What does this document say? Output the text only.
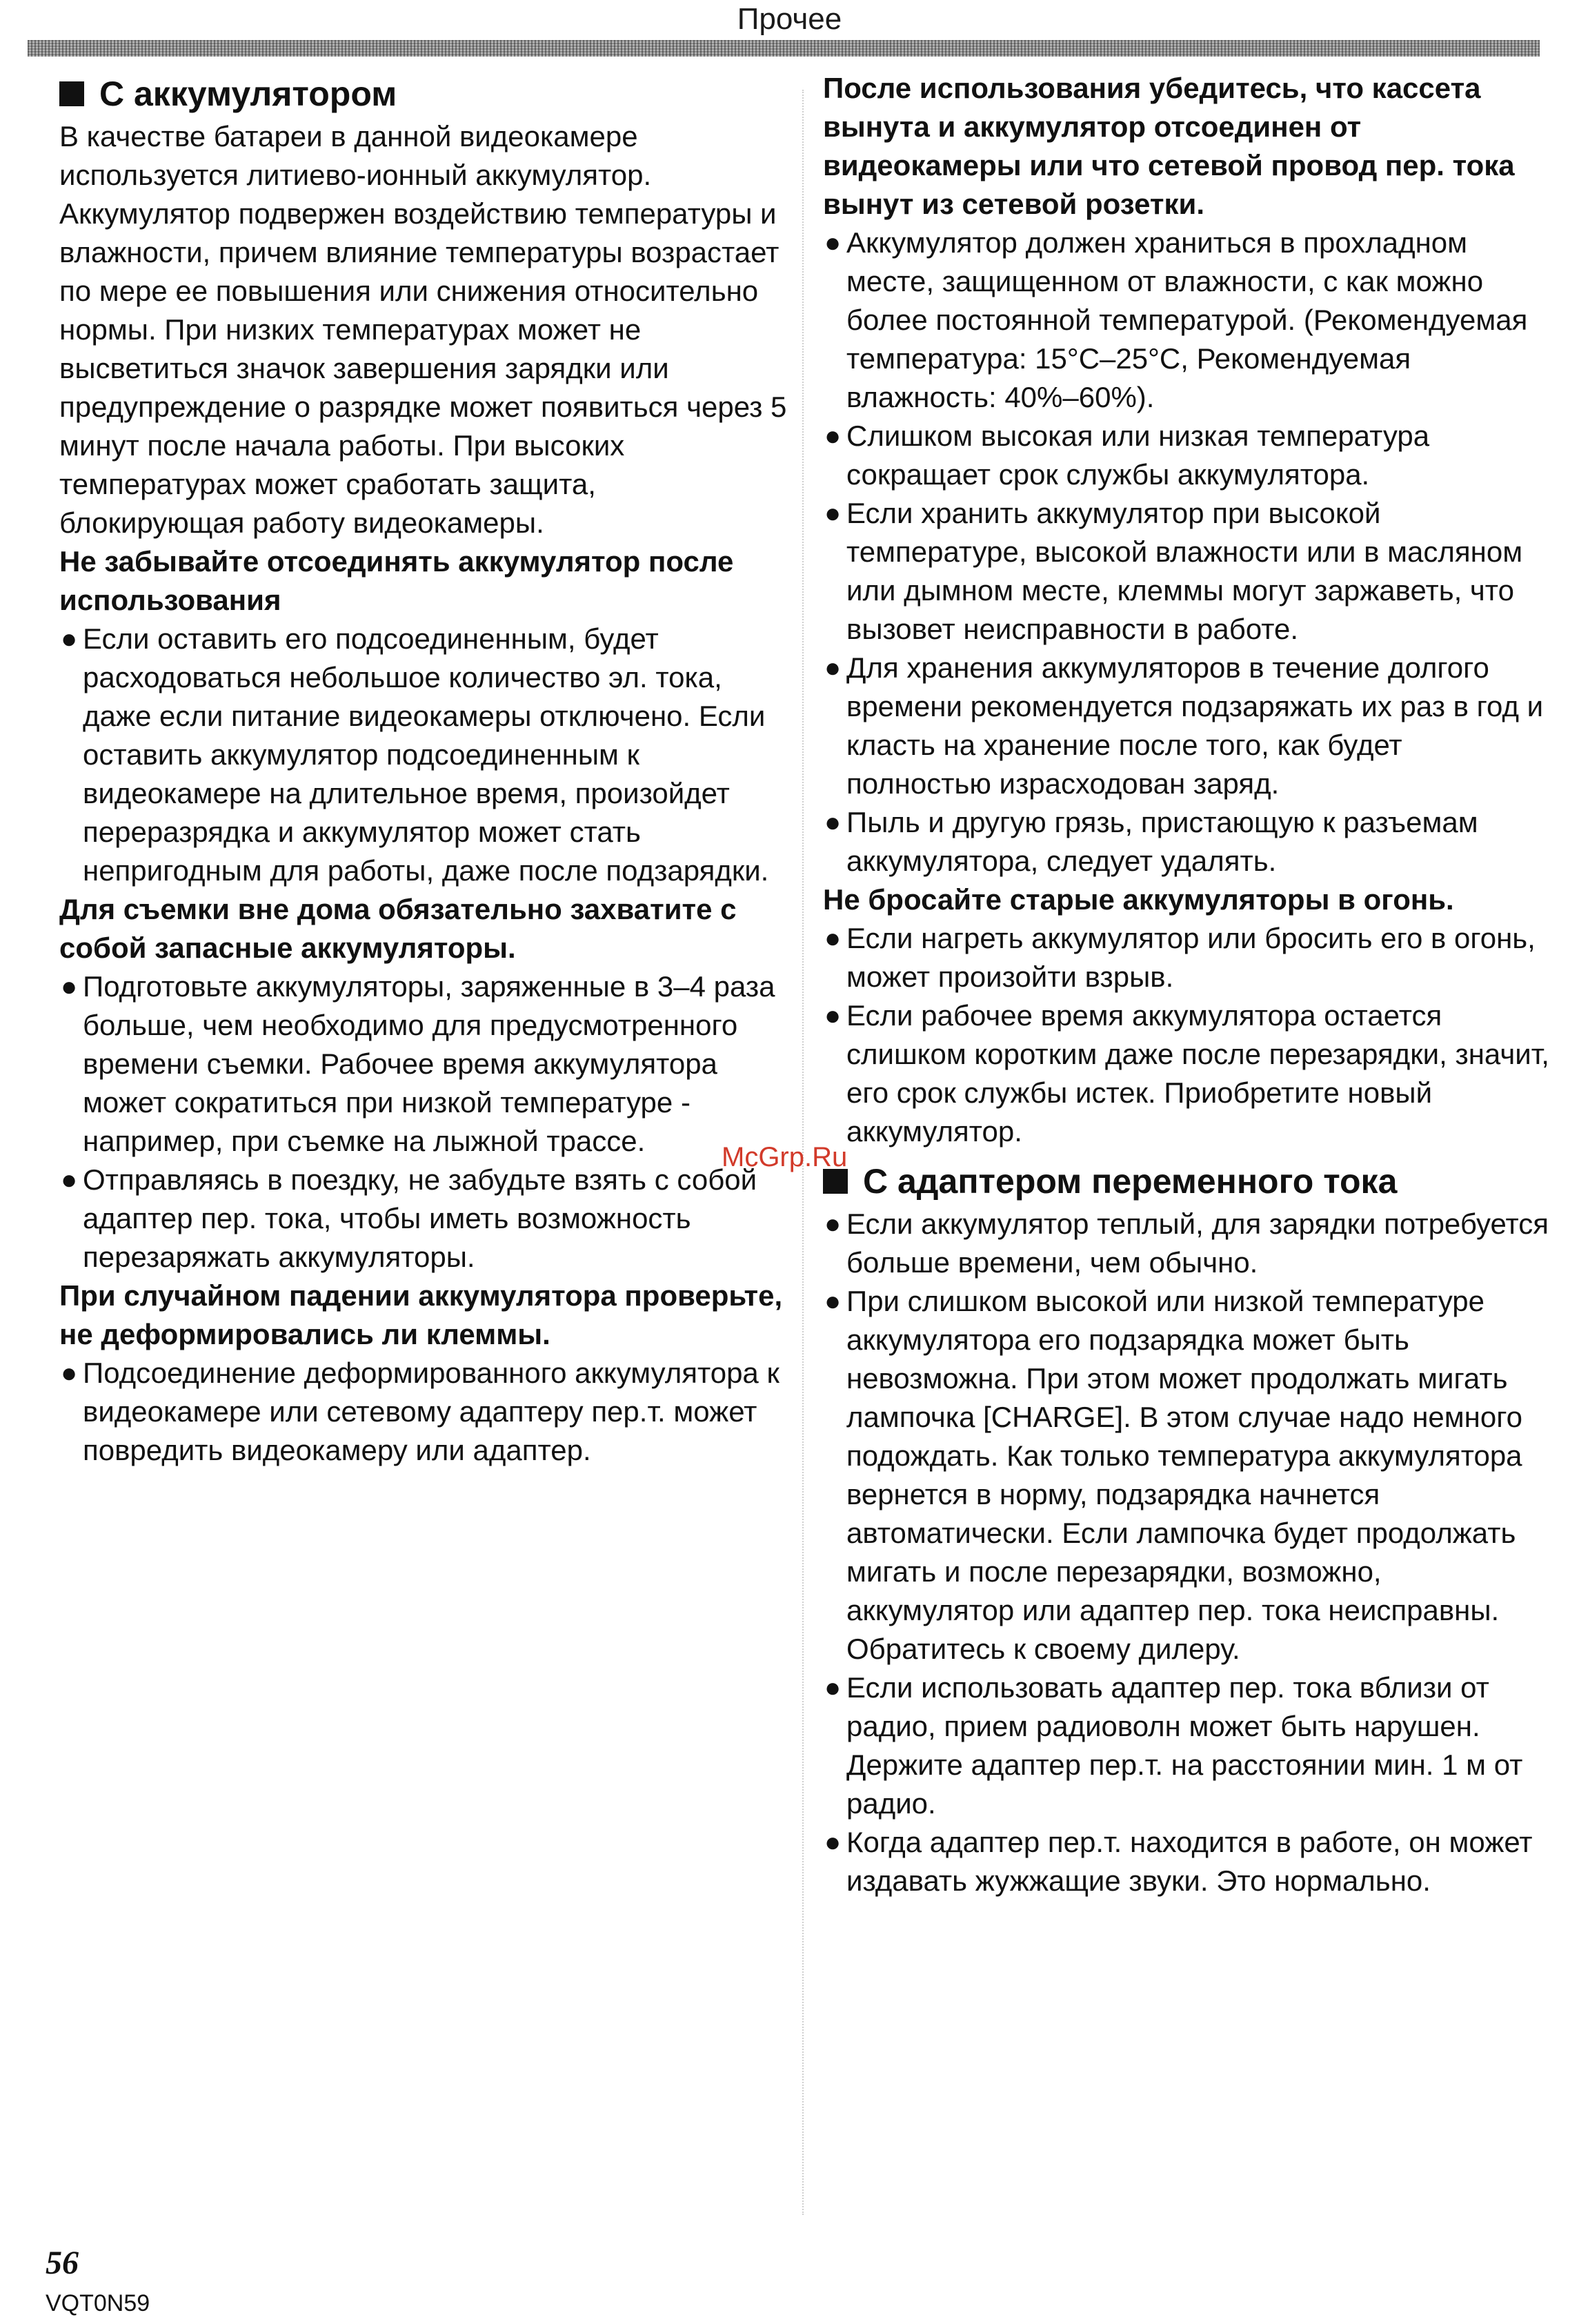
Прочее
С аккумулятором

В качестве батареи в данной видеокамере используется литиево-ионный аккумулятор. Аккумулятор подвержен воздействию температуры и влажности, причем влияние температуры возрастает по мере ее повышения или снижения относительно нормы. При низких температурах может не высветиться значок завершения зарядки или предупреждение о разрядке может появиться через 5 минут после начала работы. При высоких температурах может сработать защита, блокирующая работу видеокамеры.

Не забывайте отсоединять аккумулятор после использования

● Если оставить его подсоединенным, будет расходоваться небольшое количество эл. тока, даже если питание видеокамеры отключено. Если оставить аккумулятор подсоединенным к видеокамере на длительное время, произойдет переразрядка и аккумулятор может стать непригодным для работы, даже после подзарядки.

Для съемки вне дома обязательно захватите с собой запасные аккумуляторы.

● Подготовьте аккумуляторы, заряженные в 3–4 раза больше, чем необходимо для предусмотренного времени съемки. Рабочее время аккумулятора может сократиться при низкой температуре - например, при съемке на лыжной трассе.
● Отправляясь в поездку, не забудьте взять с собой адаптер пер. тока, чтобы иметь возможность перезаряжать аккумуляторы.

При случайном падении аккумулятора проверьте, не деформировались ли клеммы.

● Подсоединение деформированного аккумулятора к видеокамере или сетевому адаптеру пер.т. может повредить видеокамеру или адаптер.

После использования убедитесь, что кассета вынута и аккумулятор отсоединен от видеокамеры или что сетевой провод пер. тока вынут из сетевой розетки.

● Аккумулятор должен храниться в прохладном месте, защищенном от влажности, с как можно более постоянной температурой. (Рекомендуемая температура: 15°C–25°C, Рекомендуемая влажность: 40%–60%).
● Слишком высокая или низкая температура сокращает срок службы аккумулятора.
● Если хранить аккумулятор при высокой температуре, высокой влажности или в масляном или дымном месте, клеммы могут заржаветь, что вызовет неисправности в работе.
● Для хранения аккумуляторов в течение долгого времени рекомендуется подзаряжать их раз в год и класть на хранение после того, как будет полностью израсходован заряд.
● Пыль и другую грязь, пристающую к разъемам аккумулятора, следует удалять.

Не бросайте старые аккумуляторы в огонь.

● Если нагреть аккумулятор или бросить его в огонь, может произойти взрыв.
● Если рабочее время аккумулятора остается слишком коротким даже после перезарядки, значит, его срок службы истек. Приобретите новый аккумулятор.
С адаптером переменного тока
● Если аккумулятор теплый, для зарядки потребуется больше времени, чем обычно.
● При слишком высокой или низкой температуре аккумулятора его подзарядка может быть невозможна. При этом может продолжать мигать лампочка [CHARGE]. В этом случае надо немного подождать. Как только температура аккумулятора вернется в норму, подзарядка начнется автоматически. Если лампочка будет продолжать мигать и после перезарядки, возможно, аккумулятор или адаптер пер. тока неисправны. Обратитесь к своему дилеру.
● Если использовать адаптер пер. тока вблизи от радио, прием радиоволн может быть нарушен. Держите адаптер пер.т. на расстоянии мин. 1 м от радио.
● Когда адаптер пер.т. находится в работе, он может издавать жужжащие звуки. Это нормально.
McGrp.Ru
56
VQT0N59
